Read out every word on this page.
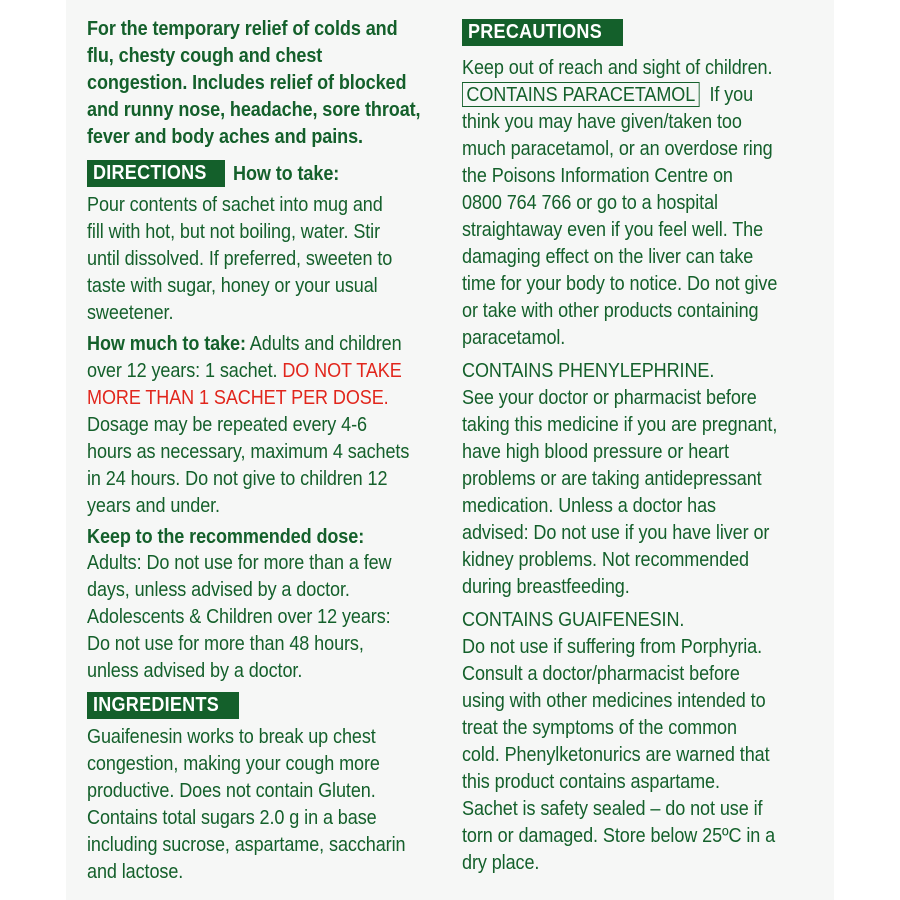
For the temporary relief of colds and
flu, chesty cough and chest
congestion. Includes relief of blocked
and runny nose, headache, sore throat,
fever and body aches and pains.
DIRECTIONS	How to take:
Pour contents of sachet into mug and
fill with hot, but not boiling, water. Stir
until dissolved. If preferred, sweeten to
taste with sugar, honey or your usual
sweetener.
How much to take: Adults and children
over 12 years: 1 sachet. DO NOT TAKE
MORE THAN 1 SACHET PER DOSE.
Dosage may be repeated every 4-6
hours as necessary, maximum 4 sachets
in 24 hours. Do not give to children 12
years and under.
Keep to the recommended dose:
Adults: Do not use for more than a few
days, unless advised by a doctor.
Adolescents & Children over 12 years:
Do not use for more than 48 hours,
unless advised by a doctor.
INGREDIENTS
Guaifenesin works to break up chest
congestion, making your cough more
productive. Does not contain Gluten.
Contains total sugars 2.0 g in a base
including sucrose, aspartame, saccharin
and lactose.
PRECAUTIONS
Keep out of reach and sight of children.
CONTAINS PARACETAMOL If you
think you may have given/taken too
much paracetamol, or an overdose ring
the Poisons Information Centre on
0800 764 766 or go to a hospital
straightaway even if you feel well. The
damaging effect on the liver can take
time for your body to notice. Do not give
or take with other products containing
paracetamol.
CONTAINS PHENYLEPHRINE.
See your doctor or pharmacist before
taking this medicine if you are pregnant,
have high blood pressure or heart
problems or are taking antidepressant
medication. Unless a doctor has
advised: Do not use if you have liver or
kidney problems. Not recommended
during breastfeeding.
CONTAINS GUAIFENESIN.
Do not use if suffering from Porphyria.
Consult a doctor/pharmacist before
using with other medicines intended to
treat the symptoms of the common
cold. Phenylketonurics are warned that
this product contains aspartame.
Sachet is safety sealed – do not use if
torn or damaged. Store below 25ºC in a
dry place.
